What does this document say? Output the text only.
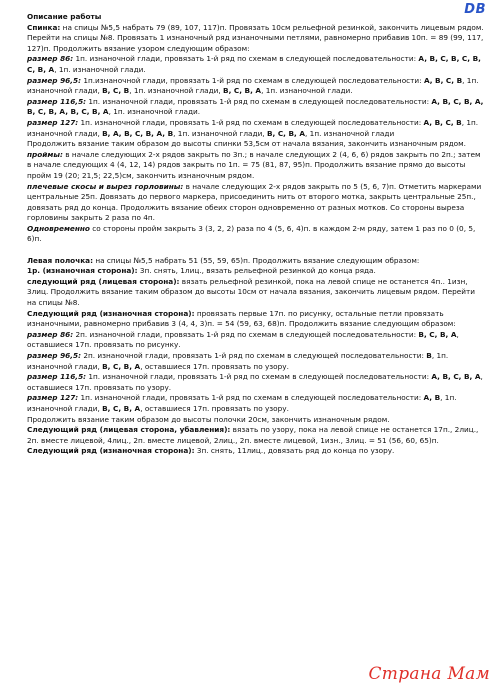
DB

Описание работы

Спинка: на спицы №5,5 набрать 79 (89, 107, 117)п. Провязать 10см рельефной резинкой, закончить лицевым рядом. Перейти на спицы №8. Провязать 1 изнаночный ряд изнаночными петлями, равномерно прибавив 10п. = 89 (99, 117, 127)п. Продолжить вязание узором следующим образом:

размер 86: 1п. изнаночной глади, провязать 1-й ряд по схемам в следующей последовательности: A, B, C, B, C, B, C, B, A, 1п. изнаночной глади.

размер 96,5: 1п.изнаночной глади, провязать 1-й ряд по схемам в следующей последовательности: A, B, C, B, 1п. изнаночной глади, B, C, B, 1п. изнаночной глади, B, C, B, A, 1п. изнаночной глади.

размер 116,5: 1п. изнаночной глади, провязать 1-й ряд по схемам в следующей последовательности: A, B, C, B, A, B, C, B, A, B, C, B, A, 1п. изнаночной глади.

размер 127: 1п. изнаночной глади, провязать 1-й ряд по схемам в следующей последовательности: A, B, C, B, 1п. изнаночной глади, B, A, B, C, B, A, B, 1п. изнаночной глади, B, C, B, A, 1п. изнаночной глади

Продолжить вязание таким образом до высоты спинки 53,5см от начала вязания, закончить изнаночным рядом.

проймы: в начале следующих 2-х рядов закрыть по 3п.; в начале следующих 2 (4, 6, 6) рядов закрыть по 2п.; затем в начале следующих 4 (4, 12, 14) рядов закрыть по 1п. = 75 (81, 87, 95)п. Продолжить вязание прямо до высоты пройм 19 (20; 21,5; 22,5)см, закончить изнаночным рядом.

плечевые скосы и вырез горловины: в начале следующих 2-х рядов закрыть по 5 (5, 6, 7)п. Отметить маркерами центральные 25п. Довязать до первого маркера, присоединить нить от второго мотка, закрыть центральные 25п., довязать ряд до конца. Продолжить вязание обеих сторон одновременно от разных мотков. Со стороны выреза горловины закрыть 2 раза по 4п.

Одновременно со стороны пройм закрыть 3 (3, 2, 2) раза по 4 (5, 6, 4)п. в каждом 2-м ряду, затем 1 раз по 0 (0, 5, 6)п.

Левая полочка: на спицы №5,5 набрать 51 (55, 59, 65)п. Продолжить вязание следующим образом:

1р. (изнаночная сторона): 3п. снять, 1лиц., вязать рельефной резинкой до конца ряда.

следующий ряд (лицевая сторона): вязать рельефной резинкой, пока на левой спице не останется 4п.. 1изн, 3лиц. Продолжить вязание таким образом до высоты 10см от начала вязания, закончить лицевым рядом. Перейти на спицы №8.

Следующий ряд (изнаночная сторона): провязать первые 17п. по рисунку, остальные петли провязать изнаночными, равномерно прибавив 3 (4, 4, 3)п. = 54 (59, 63, 68)п. Продолжить вязание следующим образом:

размер 86: 2п. изнаночной глади, провязать 1-й ряд по схемам в следующей последовательности: B, C, B, A, оставшиеся 17п. провязать по рисунку.

размер 96,5: 2п. изнаночной глади, провязать 1-й ряд по схемам в следующей последовательности: B, 1п. изнаночной глади, B, C, B, A, оставшиеся 17п. провязать по узору.

размер 116,5: 1п. изнаночной глади, провязать 1-й ряд по схемам в следующей последовательности: A, B, C, B, A, оставшиеся 17п. провязать по узору.

размер 127: 1п. изнаночной глади, провязать 1-й ряд по схемам в следующей последовательности: A, B, 1п. изнаночной глади, B, C, B, A, оставшиеся 17п. провязать по узору.

Продолжить вязание таким образом до высоты полочки 20см, закончить изнаночным рядом.

Следующий ряд (лицевая сторона, убавления): вязать по узору, пока на левой спице не останется 17п., 2лиц., 2п. вместе лицевой, 4лиц., 2п. вместе лицевой, 2лиц., 2п. вместе лицевой, 1изн., 3лиц. = 51 (56, 60, 65)п.

Следующий ряд (изнаночная сторона): 3п. снять, 11лиц., довязать ряд до конца по узору.

Страна Мам
